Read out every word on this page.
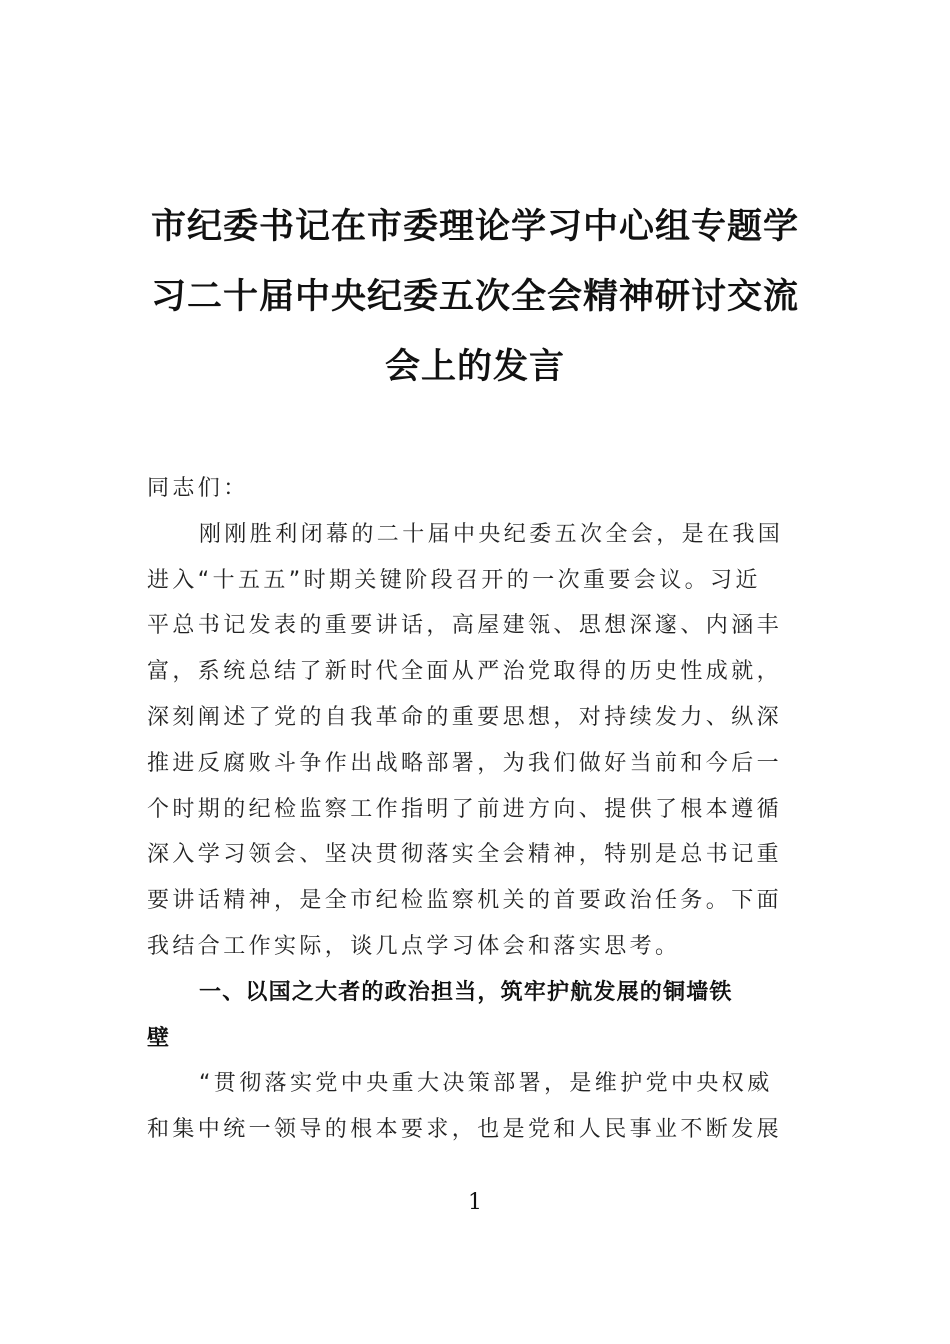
市纪委书记在市委理论学习中心组专题学
习二十届中央纪委五次全会精神研讨交流
会上的发言
同志们：
刚刚胜利闭幕的二十届中央纪委五次全会，是在我国
进入“十五五”时期关键阶段召开的一次重要会议。习近
平总书记发表的重要讲话，高屋建瓴、思想深邃、内涵丰
富，系统总结了新时代全面从严治党取得的历史性成就，
深刻阐述了党的自我革命的重要思想，对持续发力、纵深
推进反腐败斗争作出战略部署，为我们做好当前和今后一
个时期的纪检监察工作指明了前进方向、提供了根本遵循
深入学习领会、坚决贯彻落实全会精神，特别是总书记重
要讲话精神，是全市纪检监察机关的首要政治任务。下面
我结合工作实际，谈几点学习体会和落实思考。
一、以国之大者的政治担当，筑牢护航发展的铜墙铁
壁
“贯彻落实党中央重大决策部署，是维护党中央权威
和集中统一领导的根本要求，也是党和人民事业不断发展
1
